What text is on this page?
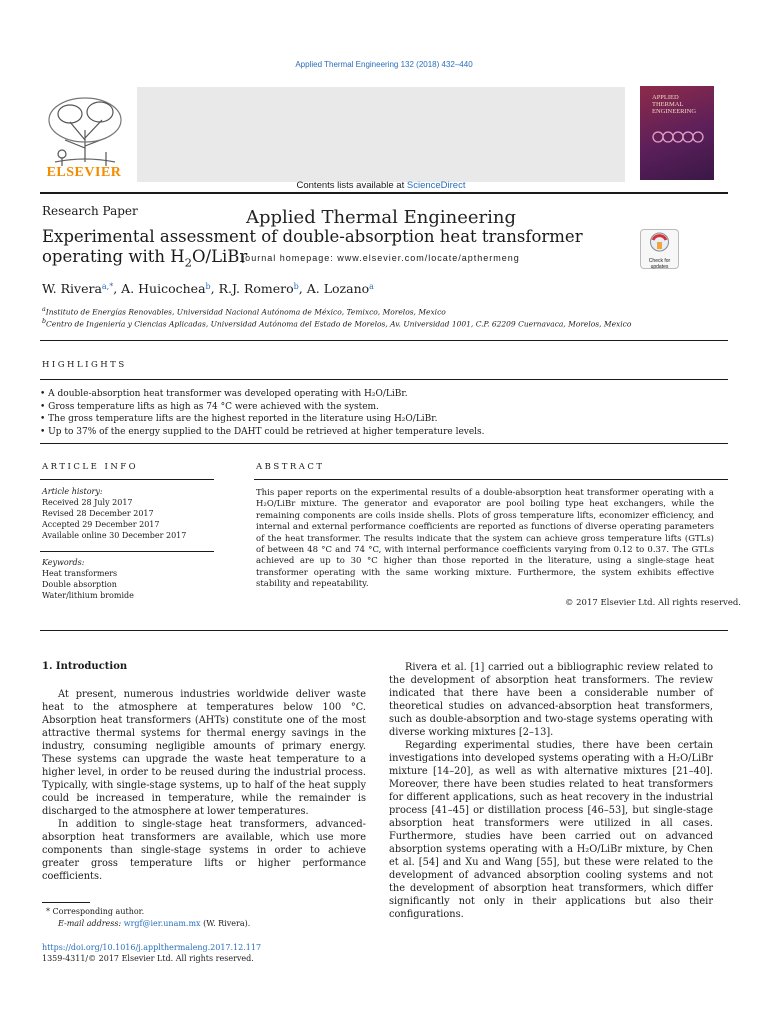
Applied Thermal Engineering 132 (2018) 432–440
ELSEVIER
Contents lists available at ScienceDirect
Applied Thermal Engineering
journal homepage: www.elsevier.com/locate/apthermeng
APPLIED THERMAL ENGINEERING
Research Paper
Experimental assessment of double-absorption heat transformer
operating with $H_2O$/LiBr	Check for updates
W. Rivera$^{a,*}$, A. Huicochea$^b$, R.J. Romero$^b$, A. Lozano$^a$
$^a$Instituto de Energías Renovables, Universidad Nacional Autónoma de México, Temixco, Morelos, Mexico
$^b$Centro de Ingeniería y Ciencias Aplicadas, Universidad Autónoma del Estado de Morelos, Av. Universidad 1001, C.P. 62209 Cuernavaca, Morelos, Mexico
HIGHLIGHTS
• A double-absorption heat transformer was developed operating with H₂O/LiBr.
• Gross temperature lifts as high as 74 °C were achieved with the system.
• The gross temperature lifts are the highest reported in the literature using H₂O/LiBr.
• Up to 37% of the energy supplied to the DAHT could be retrieved at higher temperature levels.
ARTICLE INFO
Article history:
Received 28 July 2017
Revised 28 December 2017
Accepted 29 December 2017
Available online 30 December 2017
Keywords:
Heat transformers
Double absorption
Water/lithium bromide
ABSTRACT
This paper reports on the experimental results of a double-absorption heat transformer operating with a H₂O/LiBr mixture. The generator and evaporator are pool boiling type heat exchangers, while the remaining components are coils inside shells. Plots of gross temperature lifts, economizer efficiency, and internal and external performance coefficients are reported as functions of diverse operating parameters of the heat transformer. The results indicate that the system can achieve gross temperature lifts (GTLs) of between 48 °C and 74 °C, with internal performance coefficients varying from 0.12 to 0.37. The GTLs achieved are up to 30 °C higher than those reported in the literature, using a single-stage heat transformer operating with the same working mixture. Furthermore, the system exhibits effective stability and repeatability.
© 2017 Elsevier Ltd. All rights reserved.
1. Introduction

At present, numerous industries worldwide deliver waste heat to the atmosphere at temperatures below 100 °C. Absorption heat transformers (AHTs) constitute one of the most attractive thermal systems for thermal energy savings in the industry, consuming negligible amounts of primary energy. These systems can upgrade the waste heat temperature to a higher level, in order to be reused during the industrial process. Typically, with single-stage systems, up to half of the heat supply could be increased in temperature, while the remainder is discharged to the atmosphere at lower temperatures.

In addition to single-stage heat transformers, advanced-absorption heat transformers are available, which use more components than single-stage systems in order to achieve greater gross temperature lifts or higher performance coefficients.

Rivera et al. [1] carried out a bibliographic review related to the development of absorption heat transformers. The review indicated that there have been a considerable number of theoretical studies on advanced-absorption heat transformers, such as double-absorption and two-stage systems operating with diverse working mixtures [2–13].

Regarding experimental studies, there have been certain investigations into developed systems operating with a H₂O/LiBr mixture [14–20], as well as with alternative mixtures [21–40]. Moreover, there have been studies related to heat transformers for different applications, such as heat recovery in the industrial process [41–45] or distillation process [46–53], but single-stage absorption heat transformers were utilized in all cases. Furthermore, studies have been carried out on advanced absorption systems operating with a H₂O/LiBr mixture, by Chen et al. [54] and Xu and Wang [55], but these were related to the development of advanced absorption cooling systems and not the development of absorption heat transformers, which differ significantly not only in their applications but also their configurations.

* Corresponding author.
E-mail address: wrgf@ier.unam.mx (W. Rivera).
https://doi.org/10.1016/j.applthermaleng.2017.12.117
1359-4311/© 2017 Elsevier Ltd. All rights reserved.
